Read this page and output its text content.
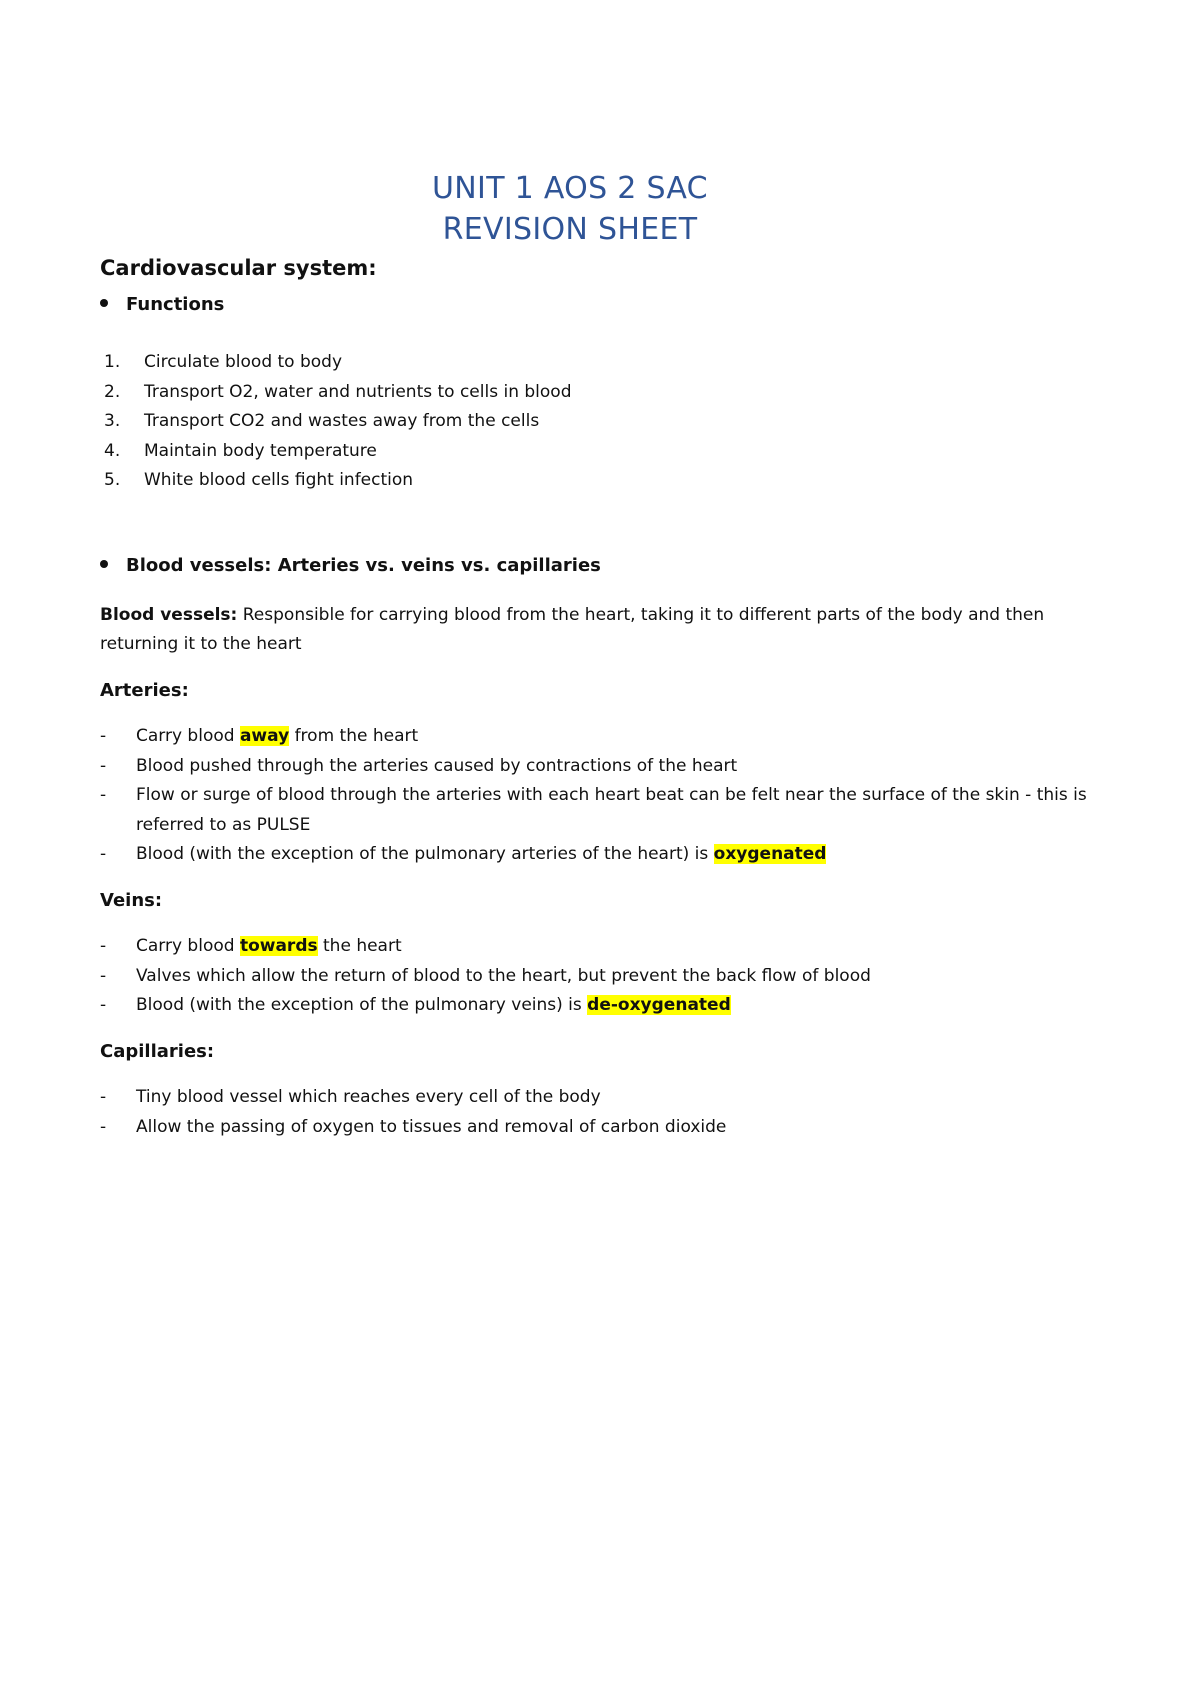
UNIT 1 AOS 2 SAC
REVISION SHEET
Cardiovascular system:
Functions
1. Circulate blood to body
2. Transport O2, water and nutrients to cells in blood
3. Transport CO2 and wastes away from the cells
4. Maintain body temperature
5. White blood cells fight infection
Blood vessels: Arteries vs. veins vs. capillaries
Blood vessels: Responsible for carrying blood from the heart, taking it to different parts of the body and then returning it to the heart
Arteries:
- Carry blood away from the heart
- Blood pushed through the arteries caused by contractions of the heart
- Flow or surge of blood through the arteries with each heart beat can be felt near the surface of the skin - this is referred to as PULSE
- Blood (with the exception of the pulmonary arteries of the heart) is oxygenated
Veins:
- Carry blood towards the heart
- Valves which allow the return of blood to the heart, but prevent the back flow of blood
- Blood (with the exception of the pulmonary veins) is de-oxygenated
Capillaries:
- Tiny blood vessel which reaches every cell of the body
- Allow the passing of oxygen to tissues and removal of carbon dioxide
